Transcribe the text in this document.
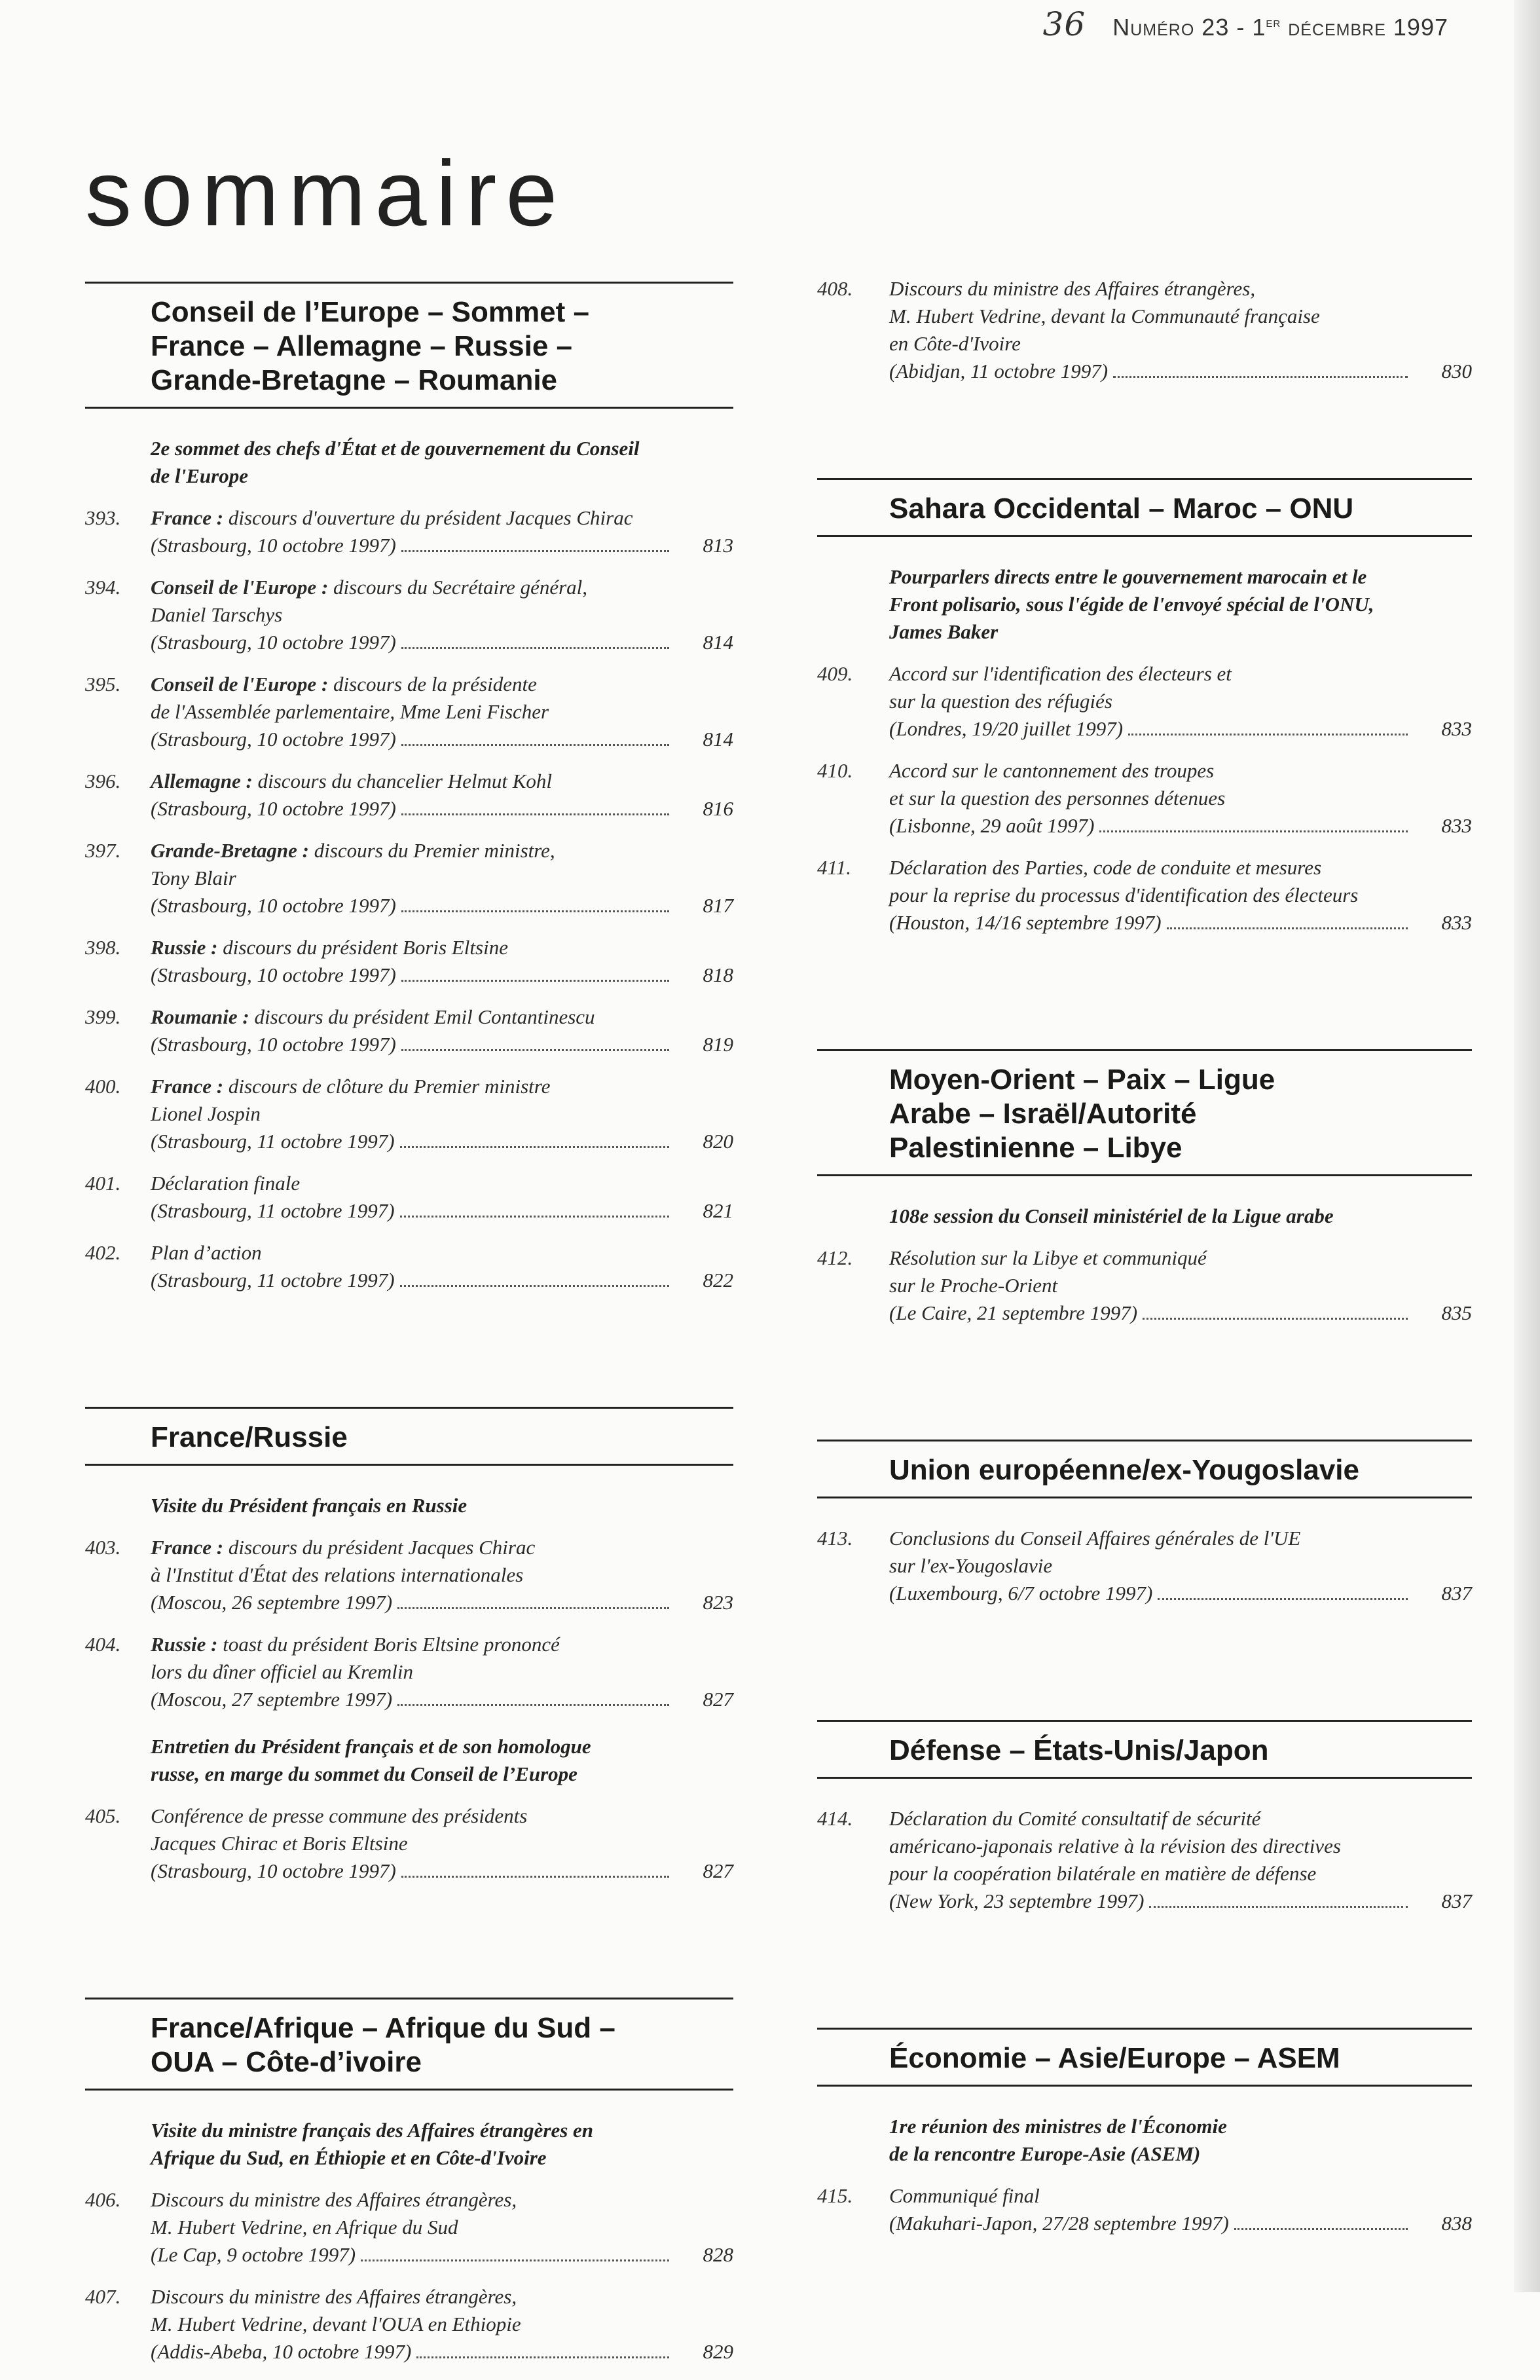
36 Numéro 23 - 1er décembre 1997
sommaire
Conseil de l’Europe – Sommet –
France – Allemagne – Russie –
Grande-Bretagne – Roumanie
2e sommet des chefs d'État et de gouvernement du Conseil
de l'Europe
393.	France : discours d'ouverture du président Jacques Chirac
(Strasbourg, 10 octobre 1997)	813
394.	Conseil de l'Europe : discours du Secrétaire général,
Daniel Tarschys
(Strasbourg, 10 octobre 1997)	814
395.	Conseil de l'Europe : discours de la présidente
de l'Assemblée parlementaire, Mme Leni Fischer
(Strasbourg, 10 octobre 1997)	814
396.	Allemagne : discours du chancelier Helmut Kohl
(Strasbourg, 10 octobre 1997)	816
397.	Grande-Bretagne : discours du Premier ministre,
Tony Blair
(Strasbourg, 10 octobre 1997)	817
398.	Russie : discours du président Boris Eltsine
(Strasbourg, 10 octobre 1997)	818
399.	Roumanie : discours du président Emil Contantinescu
(Strasbourg, 10 octobre 1997)	819
400.	France : discours de clôture du Premier ministre
Lionel Jospin
(Strasbourg, 11 octobre 1997)	820
401.	Déclaration finale
(Strasbourg, 11 octobre 1997)	821
402.	Plan d’action
(Strasbourg, 11 octobre 1997)	822
France/Russie
Visite du Président français en Russie
403.	France : discours du président Jacques Chirac
à l'Institut d'État des relations internationales
(Moscou, 26 septembre 1997)	823
404.	Russie : toast du président Boris Eltsine prononcé
lors du dîner officiel au Kremlin
(Moscou, 27 septembre 1997)	827
Entretien du Président français et de son homologue
russe, en marge du sommet du Conseil de l’Europe
405.	Conférence de presse commune des présidents
Jacques Chirac et Boris Eltsine
(Strasbourg, 10 octobre 1997)	827
France/Afrique – Afrique du Sud –
OUA – Côte-d’ivoire
Visite du ministre français des Affaires étrangères en
Afrique du Sud, en Éthiopie et en Côte-d'Ivoire
406.	Discours du ministre des Affaires étrangères,
M. Hubert Vedrine, en Afrique du Sud
(Le Cap, 9 octobre 1997)	828
407.	Discours du ministre des Affaires étrangères,
M. Hubert Vedrine, devant l'OUA en Ethiopie
(Addis-Abeba, 10 octobre 1997)	829
408.	Discours du ministre des Affaires étrangères,
M. Hubert Vedrine, devant la Communauté française
en Côte-d'Ivoire
(Abidjan, 11 octobre 1997)	830
Sahara Occidental – Maroc – ONU
Pourparlers directs entre le gouvernement marocain et le
Front polisario, sous l'égide de l'envoyé spécial de l'ONU,
James Baker
409.	Accord sur l'identification des électeurs et
sur la question des réfugiés
(Londres, 19/20 juillet 1997)	833
410.	Accord sur le cantonnement des troupes
et sur la question des personnes détenues
(Lisbonne, 29 août 1997)	833
411.	Déclaration des Parties, code de conduite et mesures
pour la reprise du processus d'identification des électeurs
(Houston, 14/16 septembre 1997)	833
Moyen-Orient – Paix – Ligue
Arabe – Israël/Autorité
Palestinienne – Libye
108e session du Conseil ministériel de la Ligue arabe
412.	Résolution sur la Libye et communiqué
sur le Proche-Orient
(Le Caire, 21 septembre 1997)	835
Union européenne/ex-Yougoslavie
413.	Conclusions du Conseil Affaires générales de l'UE
sur l'ex-Yougoslavie
(Luxembourg, 6/7 octobre 1997)	837
Défense – États-Unis/Japon
414.	Déclaration du Comité consultatif de sécurité
américano-japonais relative à la révision des directives
pour la coopération bilatérale en matière de défense
(New York, 23 septembre 1997)	837
Économie – Asie/Europe – ASEM
1re réunion des ministres de l'Économie
de la rencontre Europe-Asie (ASEM)
415.	Communiqué final
(Makuhari-Japon, 27/28 septembre 1997)	838
